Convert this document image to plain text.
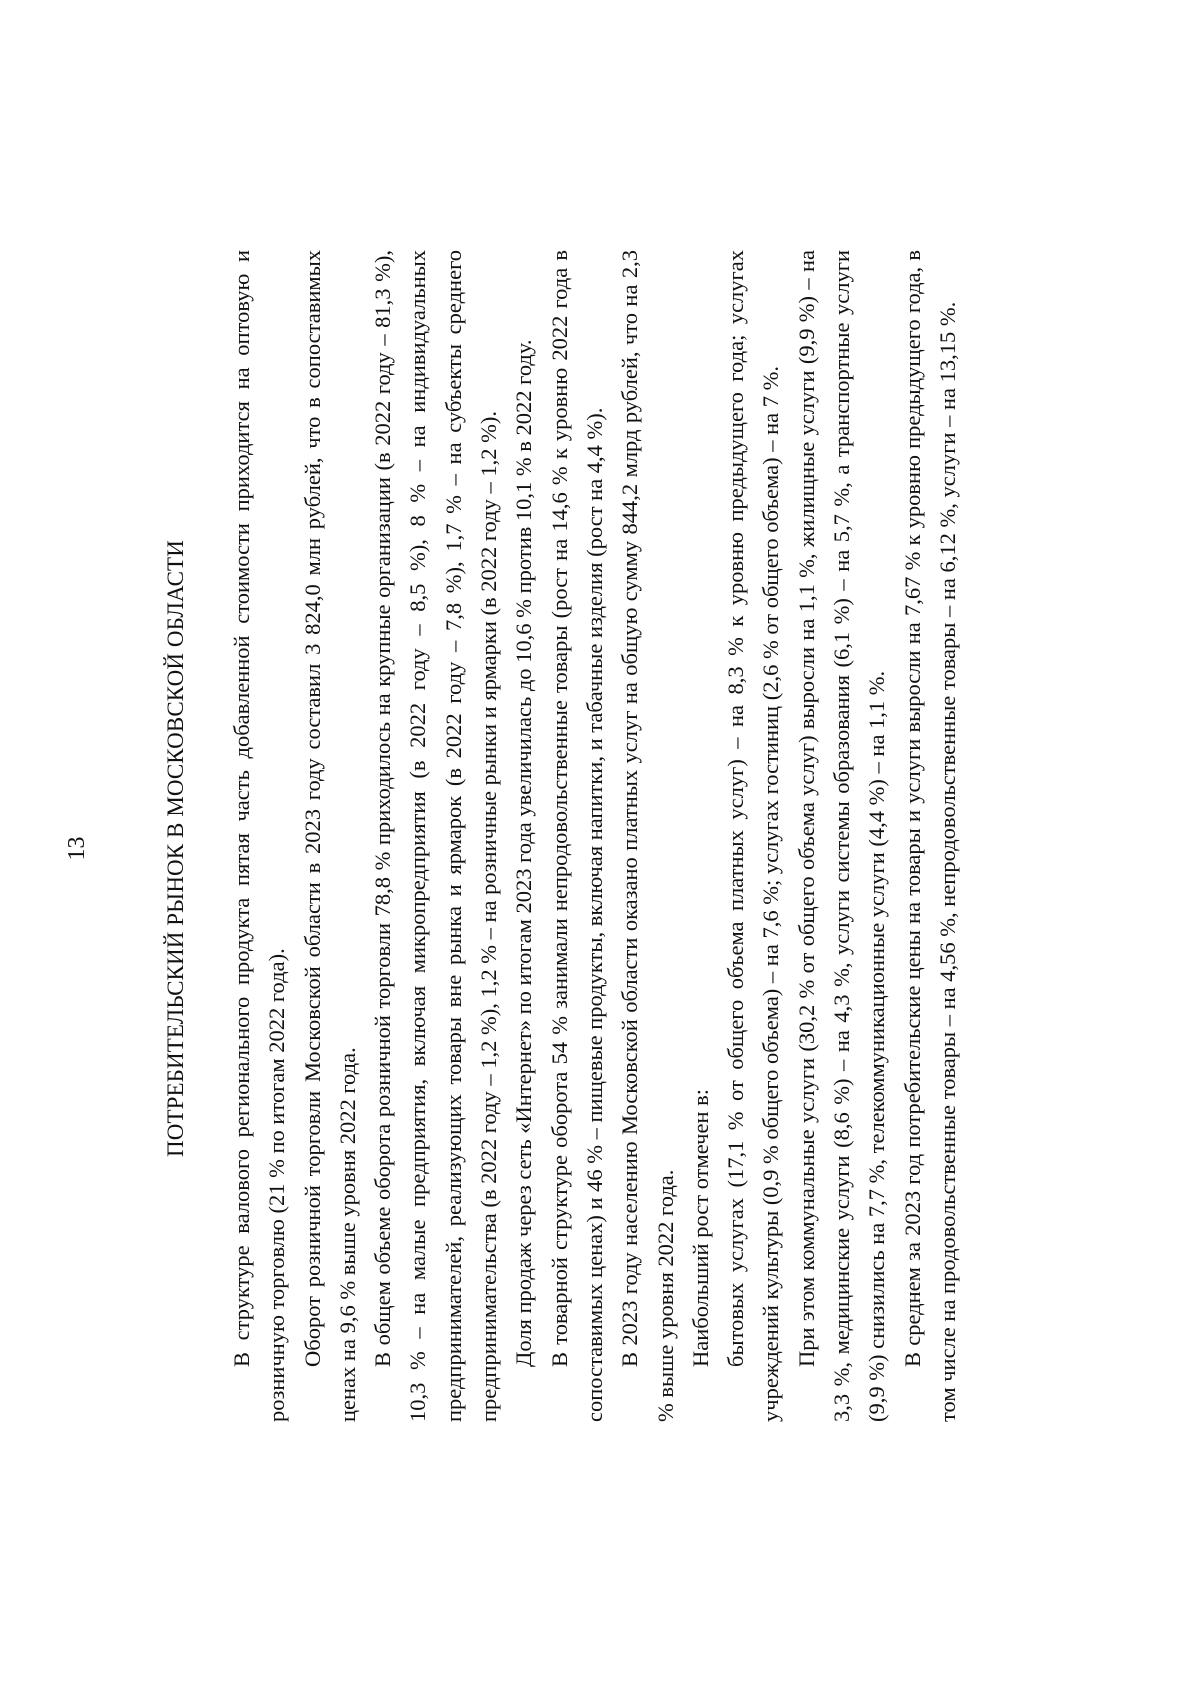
13	ПОТРЕБИТЕЛЬСКИЙ РЫНОК В МОСКОВСКОЙ ОБЛАСТИ В структуре валового регионального продукта пятая часть добавленной стоимости приходится на оптовую и розничную торговлю (21 % по итогам 2022 года). Оборот розничной торговли Московской области в 2023 году составил 3 824,0 млн рублей, что в сопоставимых ценах на 9,6 % выше уровня 2022 года. В общем объеме оборота розничной торговли 78,8 % приходилось на крупные организации (в 2022 году – 81,3 %), 10,3 % – на малые предприятия, включая микропредприятия (в 2022 году – 8,5 %), 8 % – на индивидуальных предпринимателей, реализующих товары вне рынка и ярмарок (в 2022 году – 7,8 %), 1,7 % – на субъекты среднего предпринимательства (в 2022 году – 1,2 %), 1,2 % – на розничные рынки и ярмарки (в 2022 году – 1,2 %). Доля продаж через сеть «Интернет» по итогам 2023 года увеличилась до 10,6 % против 10,1 % в 2022 году. В товарной структуре оборота 54 % занимали непродовольственные товары (рост на 14,6 % к уровню 2022 года в сопоставимых ценах) и 46 % – пищевые продукты, включая напитки, и табачные изделия (рост на 4,4 %). В 2023 году населению Московской области оказано платных услуг на общую сумму 844,2 млрд рублей, что на 2,3 % выше уровня 2022 года. Наибольший рост отмечен в: бытовых услугах (17,1 % от общего объема платных услуг) – на 8,3 % к уровню предыдущего года; услугах учреждений культуры (0,9 % общего объема) – на 7,6 %; услугах гостиниц (2,6 % от общего объема) – на 7 %. При этом коммунальные услуги (30,2 % от общего объема услуг) выросли на 1,1 %, жилищные услуги (9,9 %) – на 3,3 %, медицинские услуги (8,6 %) – на 4,3 %, услуги системы образования (6,1 %) – на 5,7 %, а транспортные услуги (9,9 %) снизились на 7,7 %, телекоммуникационные услуги (4,4 %) – на 1,1 %. В среднем за 2023 год потребительские цены на товары и услуги выросли на 7,67 % к уровню предыдущего года, в том числе на продовольственные товары – на 4,56 %, непродовольственные товары – на 6,12 %, услуги – на 13,15 %.
